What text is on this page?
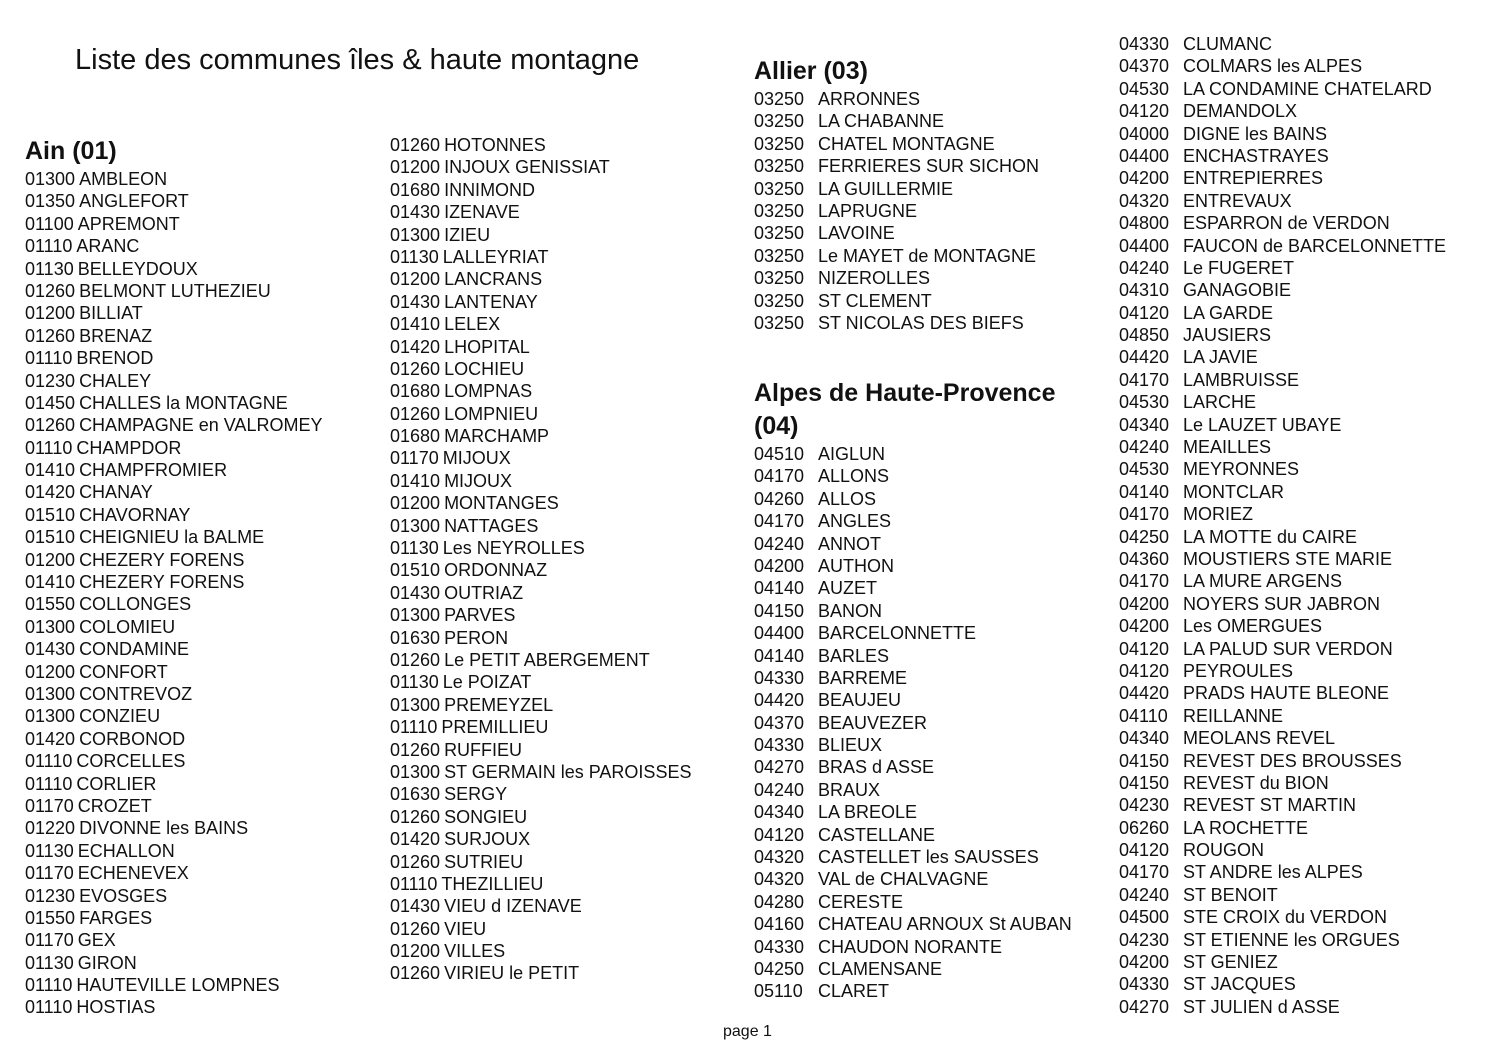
Liste des communes îles & haute montagne
Ain (01)
01300 AMBLEON
01350 ANGLEFORT
01100 APREMONT
01110 ARANC
01130 BELLEYDOUX
01260 BELMONT LUTHEZIEU
01200 BILLIAT
01260 BRENAZ
01110 BRENOD
01230 CHALEY
01450 CHALLES la MONTAGNE
01260 CHAMPAGNE en VALROMEY
01110 CHAMPDOR
01410 CHAMPFROMIER
01420 CHANAY
01510 CHAVORNAY
01510 CHEIGNIEU la BALME
01200 CHEZERY FORENS
01410 CHEZERY FORENS
01550 COLLONGES
01300 COLOMIEU
01430 CONDAMINE
01200 CONFORT
01300 CONTREVOZ
01300 CONZIEU
01420 CORBONOD
01110 CORCELLES
01110 CORLIER
01170 CROZET
01220 DIVONNE les BAINS
01130 ECHALLON
01170 ECHENEVEX
01230 EVOSGES
01550 FARGES
01170 GEX
01130 GIRON
01110 HAUTEVILLE LOMPNES
01110 HOSTIAS
01260 HOTONNES
01200 INJOUX GENISSIAT
01680 INNIMOND
01430 IZENAVE
01300 IZIEU
01130 LALLEYRIAT
01200 LANCRANS
01430 LANTENAY
01410 LELEX
01420 LHOPITAL
01260 LOCHIEU
01680 LOMPNAS
01260 LOMPNIEU
01680 MARCHAMP
01170 MIJOUX
01410 MIJOUX
01200 MONTANGES
01300 NATTAGES
01130 Les NEYROLLES
01510 ORDONNAZ
01430 OUTRIAZ
01300 PARVES
01630 PERON
01260 Le PETIT ABERGEMENT
01130 Le POIZAT
01300 PREMEYZEL
01110 PREMILLIEU
01260 RUFFIEU
01300 ST GERMAIN les PAROISSES
01630 SERGY
01260 SONGIEU
01420 SURJOUX
01260 SUTRIEU
01110 THEZILLIEU
01430 VIEU d IZENAVE
01260 VIEU
01200 VILLES
01260 VIRIEU le PETIT
Allier (03)
03250 ARRONNES
03250 LA CHABANNE
03250 CHATEL MONTAGNE
03250 FERRIERES SUR SICHON
03250 LA GUILLERMIE
03250 LAPRUGNE
03250 LAVOINE
03250 Le MAYET de MONTAGNE
03250 NIZEROLLES
03250 ST CLEMENT
03250 ST NICOLAS DES BIEFS
Alpes de Haute-Provence
(04)
04510 AIGLUN
04170 ALLONS
04260 ALLOS
04170 ANGLES
04240 ANNOT
04200 AUTHON
04140 AUZET
04150 BANON
04400 BARCELONNETTE
04140 BARLES
04330 BARREME
04420 BEAUJEU
04370 BEAUVEZER
04330 BLIEUX
04270 BRAS d ASSE
04240 BRAUX
04340 LA BREOLE
04120 CASTELLANE
04320 CASTELLET les SAUSSES
04320 VAL de CHALVAGNE
04280 CERESTE
04160 CHATEAU ARNOUX St AUBAN
04330 CHAUDON NORANTE
04250 CLAMENSANE
05110 CLARET
04330 CLUMANC
04370 COLMARS les ALPES
04530 LA CONDAMINE CHATELARD
04120 DEMANDOLX
04000 DIGNE les BAINS
04400 ENCHASTRAYES
04200 ENTREPIERRES
04320 ENTREVAUX
04800 ESPARRON de VERDON
04400 FAUCON de BARCELONNETTE
04240 Le FUGERET
04310 GANAGOBIE
04120 LA GARDE
04850 JAUSIERS
04420 LA JAVIE
04170 LAMBRUISSE
04530 LARCHE
04340 Le LAUZET UBAYE
04240 MEAILLES
04530 MEYRONNES
04140 MONTCLAR
04170 MORIEZ
04250 LA MOTTE du CAIRE
04360 MOUSTIERS STE MARIE
04170 LA MURE ARGENS
04200 NOYERS SUR JABRON
04200 Les OMERGUES
04120 LA PALUD SUR VERDON
04120 PEYROULES
04420 PRADS HAUTE BLEONE
04110 REILLANNE
04340 MEOLANS REVEL
04150 REVEST DES BROUSSES
04150 REVEST du BION
04230 REVEST ST MARTIN
06260 LA ROCHETTE
04120 ROUGON
04170 ST ANDRE les ALPES
04240 ST BENOIT
04500 STE CROIX du VERDON
04230 ST ETIENNE les ORGUES
04200 ST GENIEZ
04330 ST JACQUES
04270 ST JULIEN d ASSE
page 1
